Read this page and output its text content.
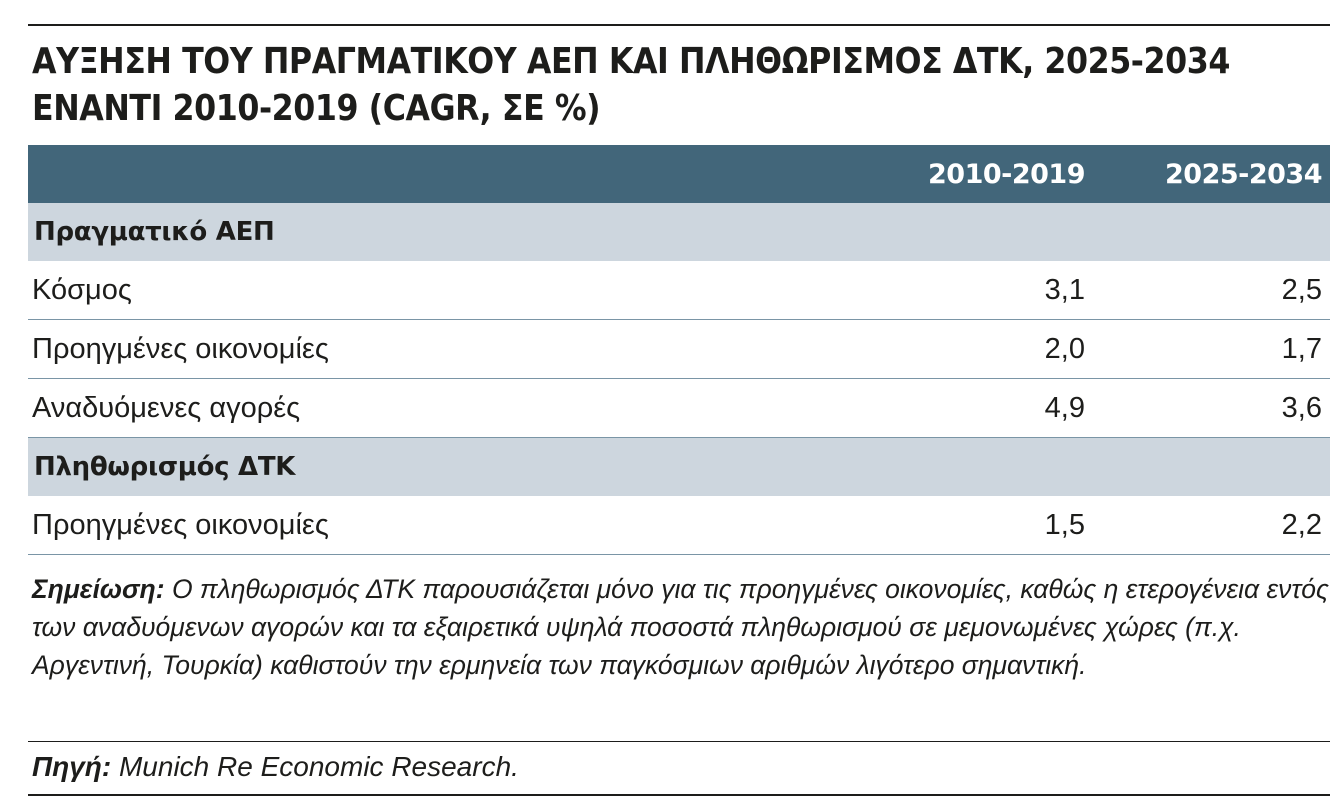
ΑΥΞΗΣΗ ΤΟΥ ΠΡΑΓΜΑΤΙΚΟΥ ΑΕΠ ΚΑΙ ΠΛΗΘΩΡΙΣΜΟΣ ΔΤΚ, 2025-2034
ΕΝΑΝΤΙ 2010-2019 (CAGR, ΣΕ %)
	2010-2019	2025-2034
Πραγματικό ΑΕΠ		
Κόσμος	3,1	2,5
Προηγμένες οικονομίες	2,0	1,7
Αναδυόμενες αγορές	4,9	3,6
Πληθωρισμός ΔΤΚ		
Προηγμένες οικονομίες	1,5	2,2
Σημείωση: Ο πληθωρισμός ΔΤΚ παρουσιάζεται μόνο για τις προηγμένες οικονομίες, καθώς η ετερογένεια εντός των αναδυόμενων αγορών και τα εξαιρετικά υψηλά ποσοστά πληθωρισμού σε μεμονωμένες χώρες (π.χ. Αργεντινή, Τουρκία) καθιστούν την ερμηνεία των παγκόσμιων αριθμών λιγότερο σημαντική.
Πηγή: Munich Re Economic Research.
